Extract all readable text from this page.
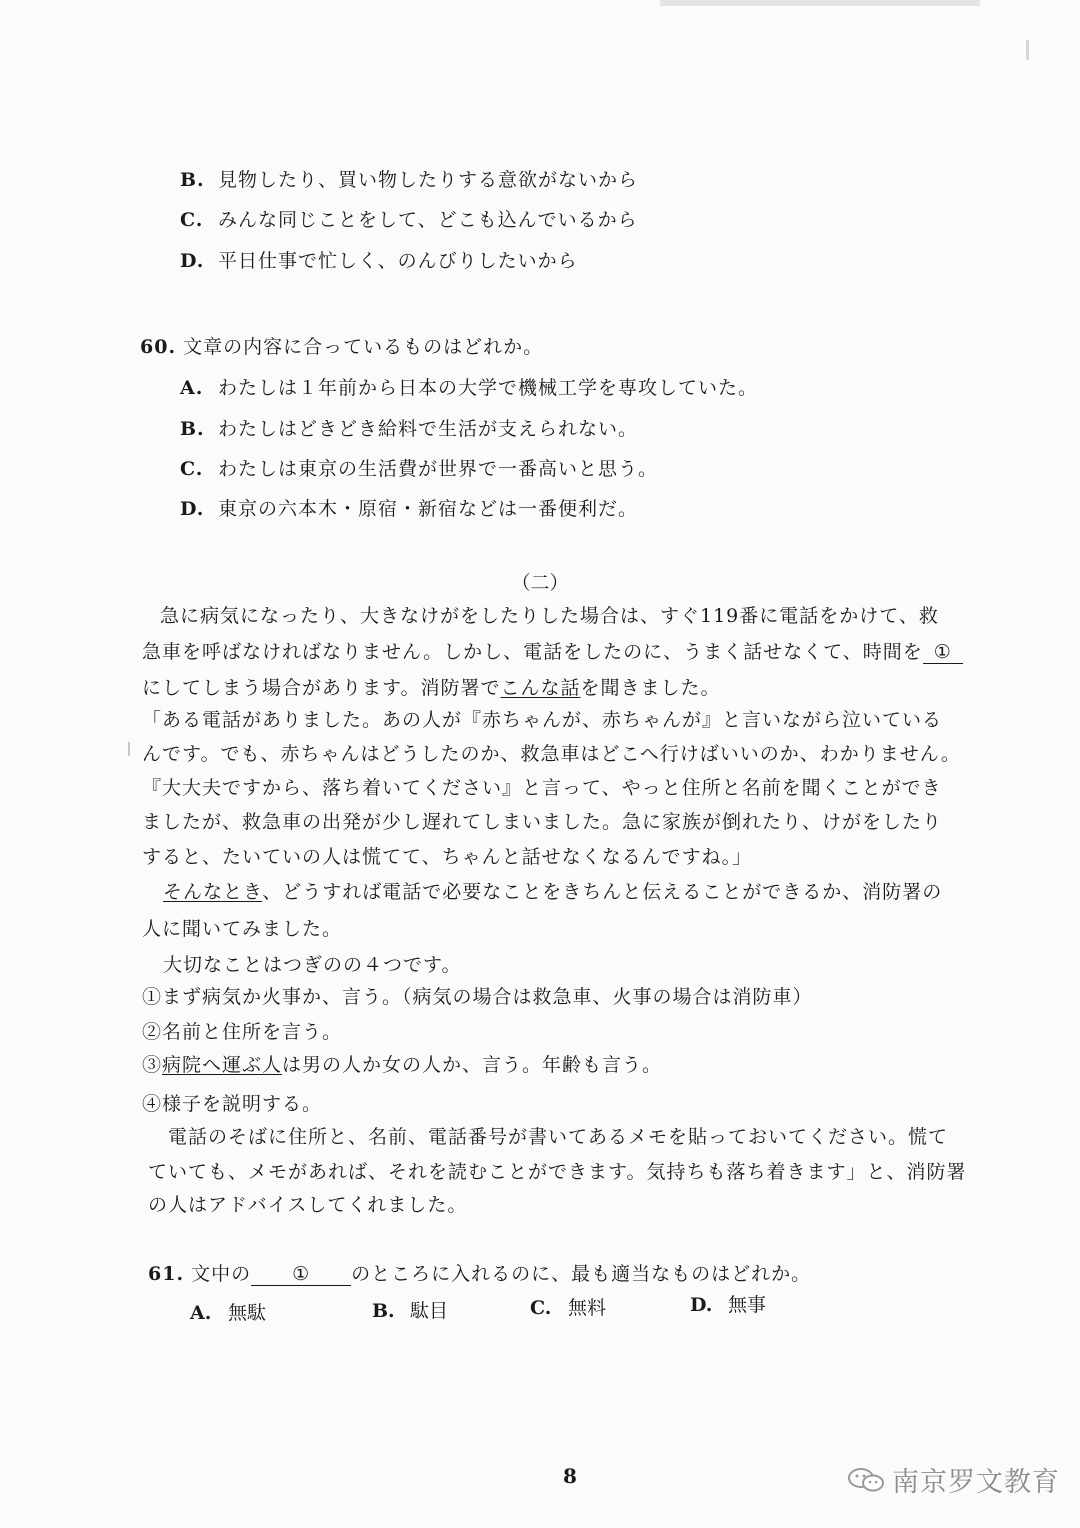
B. 見物したり、買い物したりする意欲がないから
C. みんな同じことをして、どこも込んでいるから
D. 平日仕事で忙しく、のんびりしたいから
60. 文章の内容に合っているものはどれか。
A. わたしは１年前から日本の大学で機械工学を専攻していた。
B. わたしはどきどき給料で生活が支えられない。
C. わたしは東京の生活費が世界で一番高いと思う。
D. 東京の六本木・原宿・新宿などは一番便利だ。
（二）
急に病気になったり、大きなけがをしたりした場合は、すぐ119番に電話をかけて、救
急車を呼ばなければなりません。しかし、電話をしたのに、うまく話せなくて、時間を ①
にしてしまう場合があります。消防署でこんな話を聞きました。
「ある電話がありました。あの人が『赤ちゃんが、赤ちゃんが』と言いながら泣いている
んです。でも、赤ちゃんはどうしたのか、救急車はどこへ行けばいいのか、わかりません。
『大大夫ですから、落ち着いてください』と言って、やっと住所と名前を聞くことができ
ましたが、救急車の出発が少し遅れてしまいました。急に家族が倒れたり、けがをしたり
すると、たいていの人は慌てて、ちゃんと話せなくなるんですね。」
そんなとき、どうすれば電話で必要なことをきちんと伝えることができるか、消防署の
人に聞いてみました。
大切なことはつぎのの４つです。
①まず病気か火事か、言う。（病気の場合は救急車、火事の場合は消防車）
②名前と住所を言う。
③病院へ運ぶ人は男の人か女の人か、言う。年齢も言う。
④様子を説明する。
電話のそばに住所と、名前、電話番号が書いてあるメモを貼っておいてください。慌て
ていても、メモがあれば、それを読むことができます。気持ちも落ち着きます」と、消防署
の人はアドバイスしてくれました。
61. 文中の ① のところに入れるのに、最も適当なものはどれか。
A. 無駄	B. 駄目	C. 無料	D. 無事
8	南京罗文教育
